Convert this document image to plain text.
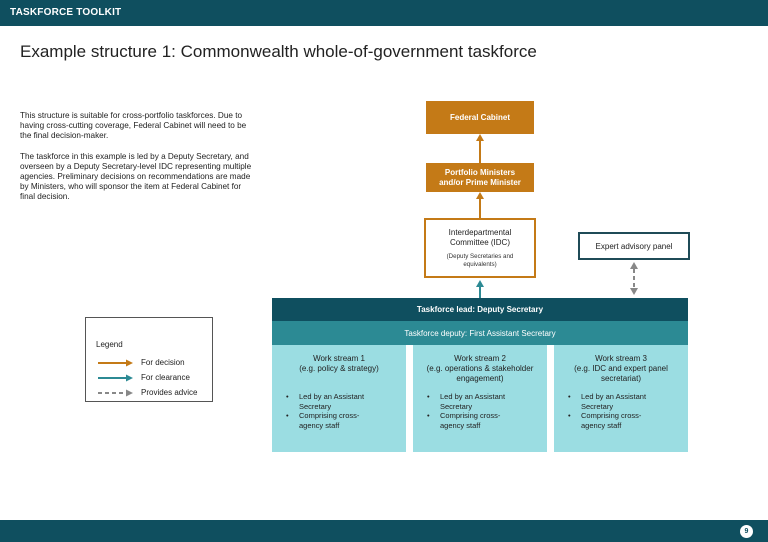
TASKFORCE TOOLKIT
Example structure 1: Commonwealth whole-of-government taskforce

This structure is suitable for cross-portfolio taskforces. Due to having cross-cutting coverage, Federal Cabinet will need to be the final decision-maker.

The taskforce in this example is led by a Deputy Secretary, and overseen by a Deputy Secretary-level IDC representing multiple agencies. Preliminary decisions on recommendations are made by Ministers, who will sponsor the item at Federal Cabinet for final decision.

Legend
For decision
For clearance
Provides advice
Federal Cabinet
Portfolio Ministers
and/or Prime Minister
Interdepartmental
Committee (IDC)
(Deputy Secretaries and
equivalents)
Expert advisory panel
Taskforce lead: Deputy Secretary
Taskforce deputy: First Assistant Secretary
Work stream 1
(e.g. policy & strategy)
• Led by an Assistant
Secretary
• Comprising cross-
agency staff
Work stream 2
(e.g. operations & stakeholder
engagement)
• Led by an Assistant
Secretary
• Comprising cross-
agency staff
Work stream 3
(e.g. IDC and expert panel
secretariat)
• Led by an Assistant
Secretary
• Comprising cross-
agency staff
9
